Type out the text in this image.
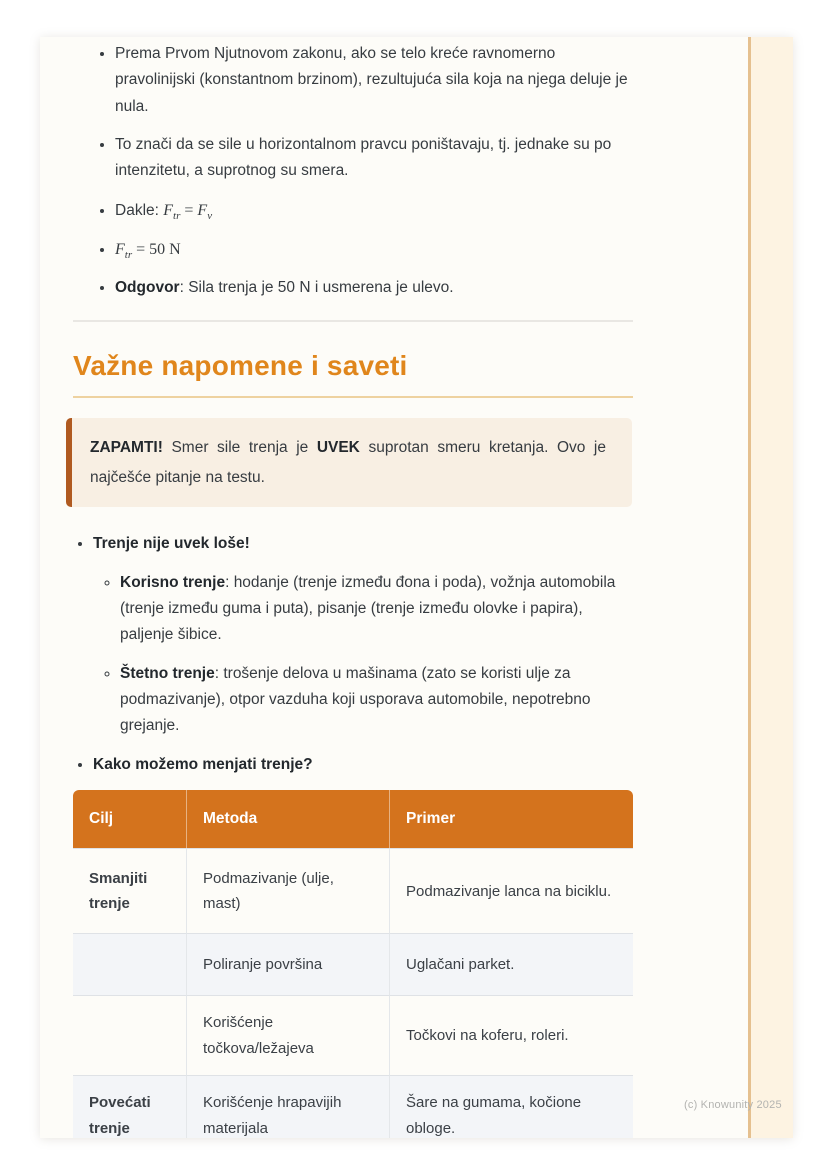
• Prema Prvom Njutnovom zakonu, ako se telo kreće ravnomerno pravolinijski (konstantnom brzinom), rezultujuća sila koja na njega deluje je nula.
• To znači da se sile u horizontalnom pravcu poništavaju, tj. jednake su po intenzitetu, a suprotnog su smera.
• Dakle: $F_{tr} = F_v$
• $F_{tr} = 50$ N
• Odgovor: Sila trenja je 50 N i usmerena je ulevo.
Važne napomene i saveti
ZAPAMTI! Smer sile trenja je UVEK suprotan smeru kretanja. Ovo je najčešće pitanje na testu.
• Trenje nije uvek loše!
◦ Korisno trenje: hodanje (trenje između đona i poda), vožnja automobila (trenje između guma i puta), pisanje (trenje između olovke i papira), paljenje šibice.
◦ Štetno trenje: trošenje delova u mašinama (zato se koristi ulje za podmazivanje), otpor vazduha koji usporava automobile, nepotrebno grejanje.
• Kako možemo menjati trenje?
Cilj	Metoda	Primer
Smanjiti trenje	Podmazivanje (ulje, mast)	Podmazivanje lanca na biciklu.
	Poliranje površina	Uglačani parket.
	Korišćenje točkova/ležajeva	Točkovi na koferu, roleri.
Povećati trenje	Korišćenje hrapavijih materijala	Šare na gumama, kočione obloge.

(c) Knowunity 2025
